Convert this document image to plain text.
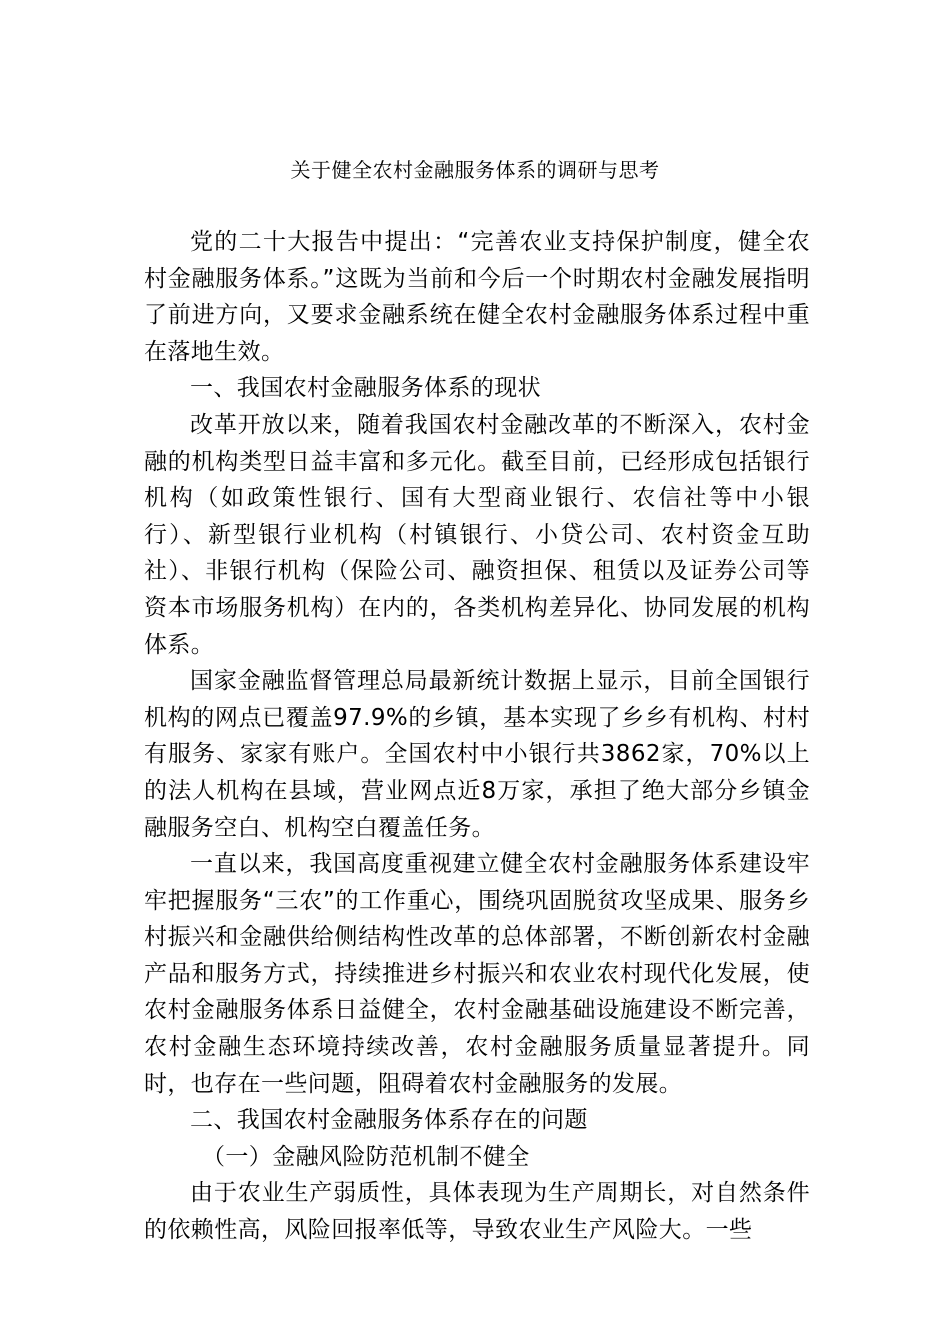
关于健全农村金融服务体系的调研与思考

党的二十大报告中提出：“完善农业支持保护制度，健全农村金融服务体系。”这既为当前和今后一个时期农村金融发展指明了前进方向，又要求金融系统在健全农村金融服务体系过程中重在落地生效。

一、我国农村金融服务体系的现状

改革开放以来，随着我国农村金融改革的不断深入，农村金融的机构类型日益丰富和多元化。截至目前，已经形成包括银行机构（如政策性银行、国有大型商业银行、农信社等中小银行）、新型银行业机构（村镇银行、小贷公司、农村资金互助社）、非银行机构（保险公司、融资担保、租赁以及证券公司等资本市场服务机构）在内的，各类机构差异化、协同发展的机构体系。

国家金融监督管理总局最新统计数据上显示，目前全国银行机构的网点已覆盖97.9%的乡镇，基本实现了乡乡有机构、村村有服务、家家有账户。全国农村中小银行共3862家，70%以上的法人机构在县域，营业网点近8万家，承担了绝大部分乡镇金融服务空白、机构空白覆盖任务。

一直以来，我国高度重视建立健全农村金融服务体系建设牢牢把握服务“三农”的工作重心，围绕巩固脱贫攻坚成果、服务乡村振兴和金融供给侧结构性改革的总体部署，不断创新农村金融产品和服务方式，持续推进乡村振兴和农业农村现代化发展，使农村金融服务体系日益健全，农村金融基础设施建设不断完善，农村金融生态环境持续改善，农村金融服务质量显著提升。同时，也存在一些问题，阻碍着农村金融服务的发展。

二、我国农村金融服务体系存在的问题

（一）金融风险防范机制不健全

由于农业生产弱质性，具体表现为生产周期长，对自然条件的依赖性高，风险回报率低等，导致农业生产风险大。一些
